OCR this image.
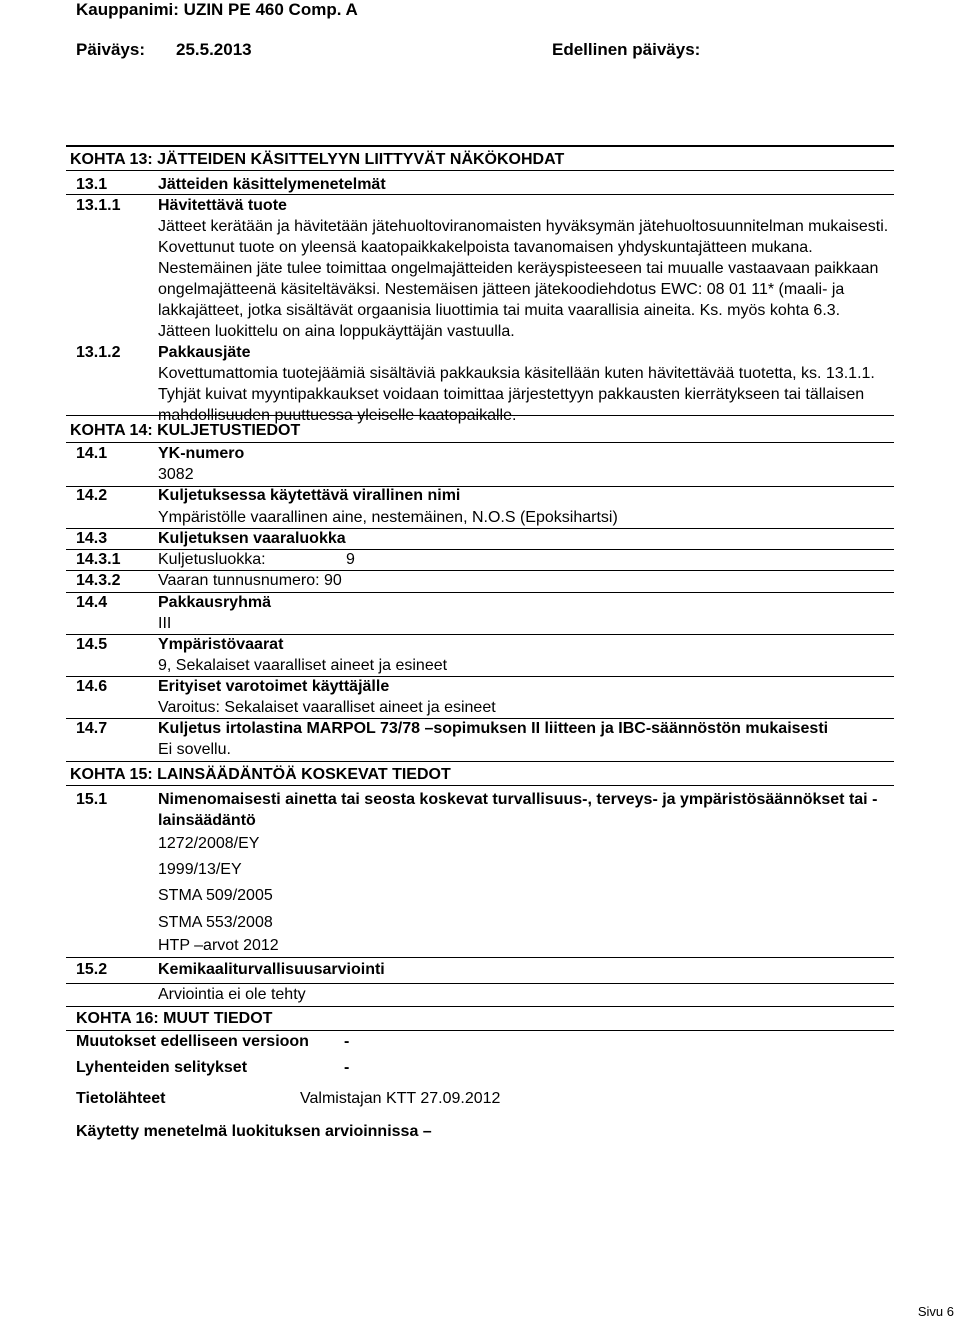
Kauppanimi: UZIN PE 460 Comp. A
Päiväys: 25.5.2013	Edellinen päiväys:
KOHTA 13: JÄTTEIDEN KÄSITTELYYN LIITTYVÄT NÄKÖKOHDAT
13.1	Jätteiden käsittelymenetelmät
13.1.1 Hävitettävä tuote
Jätteet kerätään ja hävitetään jätehuoltoviranomaisten hyväksymän jätehuoltosuunnitelman mukaisesti.
Kovettunut tuote on yleensä kaatopaikkakelpoista tavanomaisen yhdyskuntajätteen mukana.
Nestemäinen jäte tulee toimittaa ongelmajätteiden keräyspisteeseen tai muualle vastaavaan paikkaan
ongelmajätteenä käsiteltäväksi. Nestemäisen jätteen jätekoodiehdotus EWC: 08 01 11* (maali- ja
lakkajätteet, jotka sisältävät orgaanisia liuottimia tai muita vaarallisia aineita. Ks. myös kohta 6.3.
Jätteen luokittelu on aina loppukäyttäjän vastuulla.
13.1.2 Pakkausjäte
Kovettumattomia tuotejäämiä sisältäviä pakkauksia käsitellään kuten hävitettävää tuotetta, ks. 13.1.1.
Tyhjät kuivat myyntipakkaukset voidaan toimittaa järjestettyyn pakkausten kierrätykseen tai tällaisen
mahdollisuuden puuttuessa yleiselle kaatopaikalle.
KOHTA 14: KULJETUSTIEDOT
14.1	YK-numero
3082
14.2	Kuljetuksessa käytettävä virallinen nimi
Ympäristölle vaarallinen aine, nestemäinen, N.O.S (Epoksihartsi)
14.3	Kuljetuksen vaaraluokka
14.3.1 Kuljetusluokka:	9
14.3.2 Vaaran tunnusnumero: 90
14.4	Pakkausryhmä
III
14.5	Ympäristövaarat
9, Sekalaiset vaaralliset aineet ja esineet
14.6	Erityiset varotoimet käyttäjälle
Varoitus: Sekalaiset vaaralliset aineet ja esineet
14.7	Kuljetus irtolastina MARPOL 73/78 –sopimuksen II liitteen ja IBC-säännöstön mukaisesti
Ei sovellu.
KOHTA 15: LAINSÄÄDÄNTÖÄ KOSKEVAT TIEDOT
15.1	Nimenomaisesti ainetta tai seosta koskevat turvallisuus-, terveys- ja ympäristösäännökset tai -
lainsäädäntö
1272/2008/EY
1999/13/EY
STMA 509/2005
STMA 553/2008
HTP –arvot 2012
15.2	Kemikaaliturvallisuusarviointi
Arviointia ei ole tehty
KOHTA 16: MUUT TIEDOT
Muutokset edelliseen versioon -
Lyhenteiden selitykset	-
Tietolähteet	Valmistajan KTT 27.09.2012
Käytetty menetelmä luokituksen arvioinnissa –
Sivu 6
